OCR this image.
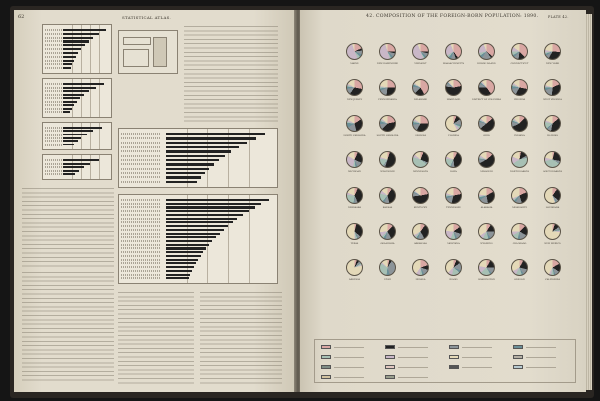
62	STATISTICAL ATLAS.	42. COMPOSITION OF THE FOREIGN-BORN POPULATION: 1890.	PLATE 42.
MAINE	NEW HAMPSHIRE	VERMONT	MASSACHUSETTS	RHODE ISLAND	CONNECTICUT	NEW YORK
NEW JERSEY	PENNSYLVANIA	DELAWARE	MARYLAND	DISTRICT OF COLUMBIA	VIRGINIA	WEST VIRGINIA
NORTH CAROLINA	SOUTH CAROLINA	GEORGIA	FLORIDA	OHIO	INDIANA	ILLINOIS
MICHIGAN	WISCONSIN	MINNESOTA	IOWA	MISSOURI	NORTH DAKOTA	SOUTH DAKOTA
NEBRASKA	KANSAS	KENTUCKY	TENNESSEE	ALABAMA	MISSISSIPPI	LOUISIANA
TEXAS	OKLAHOMA	ARKANSAS	MONTANA	WYOMING	COLORADO	NEW MEXICO
ARIZONA	UTAH	NEVADA	IDAHO	WASHINGTON	OREGON	CALIFORNIA
